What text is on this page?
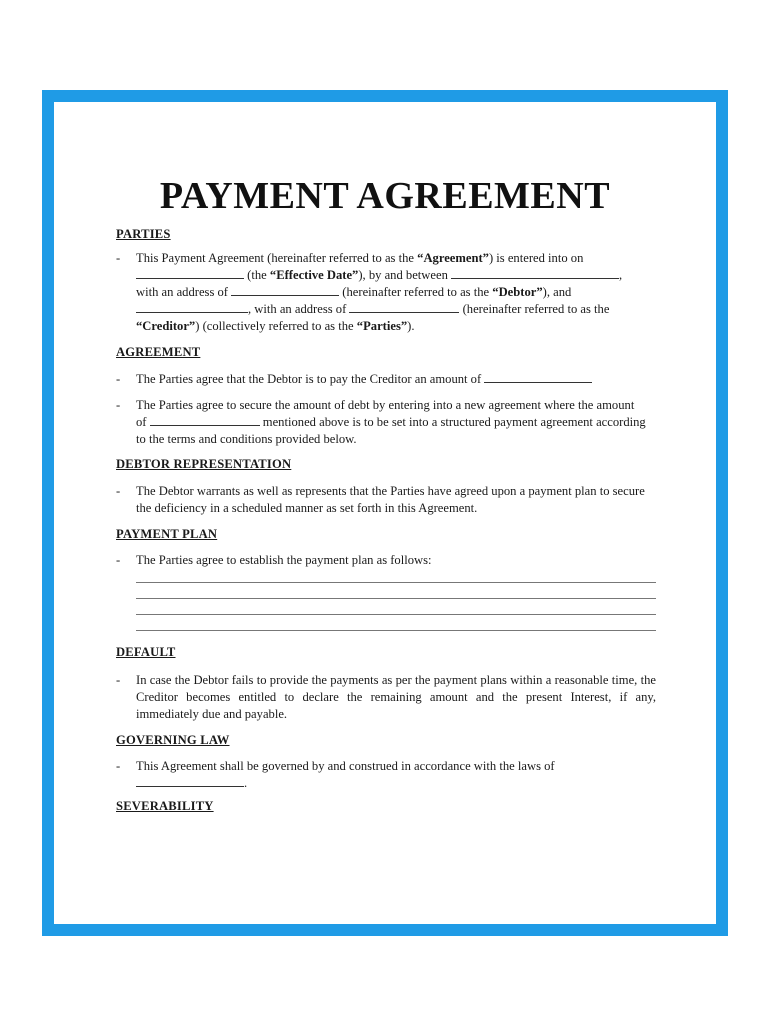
PAYMENT AGREEMENT
PARTIES
- This Payment Agreement (hereinafter referred to as the “Agreement”) is entered into on
(the “Effective Date”), by and between	,
with an address of	(hereinafter referred to as the “Debtor”), and
, with an address of	(hereinafter referred to as the
“Creditor”) (collectively referred to as the “Parties”).

AGREEMENT
- The Parties agree that the Debtor is to pay the Creditor an amount of

- The Parties agree to secure the amount of debt by entering into a new agreement where the amount of	mentioned above is to be set into a structured payment agreement according to the terms and conditions provided below.

DEBTOR REPRESENTATION
- The Debtor warrants as well as represents that the Parties have agreed upon a payment plan to secure the deficiency in a scheduled manner as set forth in this Agreement.

PAYMENT PLAN
- The Parties agree to establish the payment plan as follows:

DEFAULT
- In case the Debtor fails to provide the payments as per the payment plans within a reasonable time, the Creditor becomes entitled to declare the remaining amount and the present Interest, if any, immediately due and payable.

GOVERNING LAW
- This Agreement shall be governed by and construed in accordance with the laws of
.

SEVERABILITY
